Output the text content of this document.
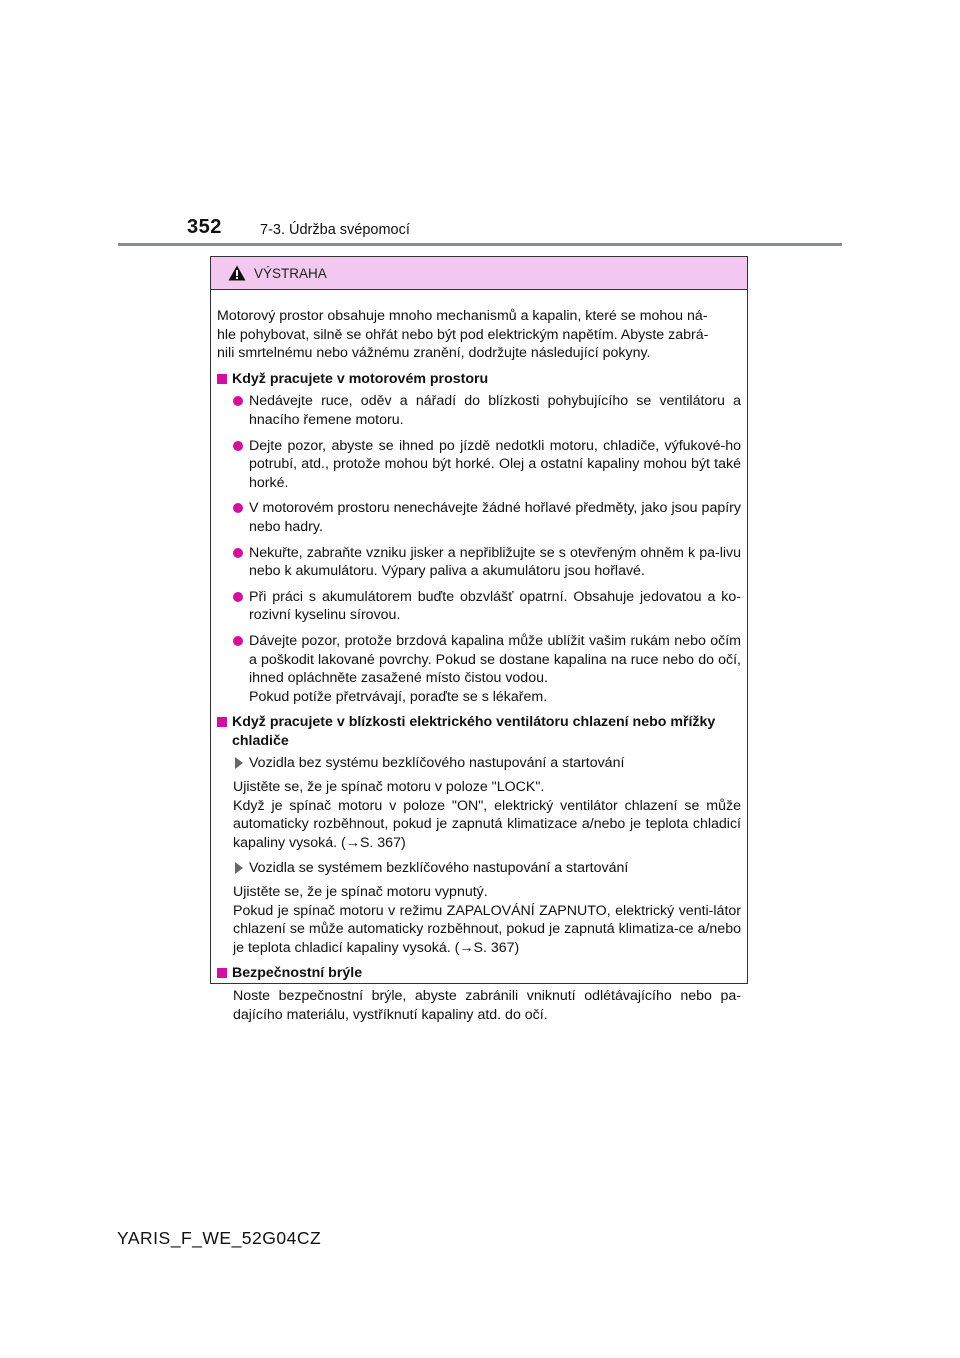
352	7-3. Údržba svépomocí
VÝSTRAHA

Motorový prostor obsahuje mnoho mechanismů a kapalin, které se mohou ná-
hle pohybovat, silně se ohřát nebo být pod elektrickým napětím. Abyste zabrá-
nili smrtelnému nebo vážnému zranění, dodržujte následující pokyny.

Když pracujete v motorovém prostoru
Nedávejte ruce, oděv a nářadí do blízkosti pohybujícího se ventilátoru a hnacího řemene motoru.
Dejte pozor, abyste se ihned po jízdě nedotkli motoru, chladiče, výfukové-ho potrubí, atd., protože mohou být horké. Olej a ostatní kapaliny mohou být také horké.
V motorovém prostoru nenechávejte žádné hořlavé předměty, jako jsou papíry nebo hadry.
Nekuřte, zabraňte vzniku jisker a nepřibližujte se s otevřeným ohněm k pa-livu nebo k akumulátoru. Výpary paliva a akumulátoru jsou hořlavé.
Při práci s akumulátorem buďte obzvlášť opatrní. Obsahuje jedovatou a ko-rozivní kyselinu sírovou.
Dávejte pozor, protože brzdová kapalina může ublížit vašim rukám nebo očím a poškodit lakované povrchy. Pokud se dostane kapalina na ruce nebo do očí, ihned opláchněte zasažené místo čistou vodou.
Pokud potíže přetrvávají, poraďte se s lékařem.
Když pracujete v blízkosti elektrického ventilátoru chlazení nebo mřížky chladiče
Vozidla bez systému bezklíčového nastupování a startování

Ujistěte se, že je spínač motoru v poloze "LOCK".
Když je spínač motoru v poloze "ON", elektrický ventilátor chlazení se může automaticky rozběhnout, pokud je zapnutá klimatizace a/nebo je teplota chladicí kapaliny vysoká. (→S. 367)

Vozidla se systémem bezklíčového nastupování a startování

Ujistěte se, že je spínač motoru vypnutý.
Pokud je spínač motoru v režimu ZAPALOVÁNÍ ZAPNUTO, elektrický venti-látor chlazení se může automaticky rozběhnout, pokud je zapnutá klimatiza-ce a/nebo je teplota chladicí kapaliny vysoká. (→S. 367)

Bezpečnostní brýle

Noste bezpečnostní brýle, abyste zabránili vniknutí odlétávajícího nebo pa-dajícího materiálu, vystříknutí kapaliny atd. do očí.

YARIS_F_WE_52G04CZ
